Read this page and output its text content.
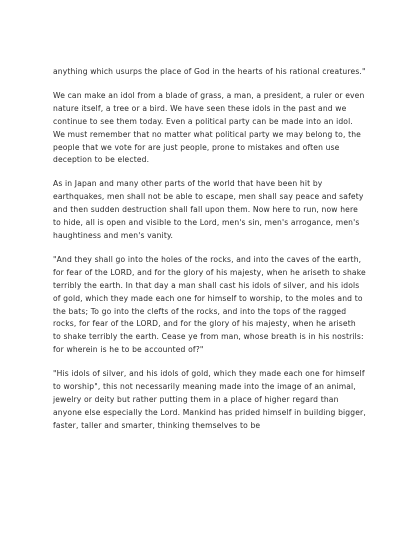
anything which usurps the place of God in the hearts of his rational creatures."

We can make an idol from a blade of grass, a man, a president, a ruler or even nature itself, a tree or a bird. We have seen these idols in the past and we continue to see them today. Even a political party can be made into an idol. We must remember that no matter what political party we may belong to, the people that we vote for are just people, prone to mistakes and often use deception to be elected.

As in Japan and many other parts of the world that have been hit by earthquakes, men shall not be able to escape, men shall say peace and safety and then sudden destruction shall fall upon them. Now here to run, now here to hide, all is open and visible to the Lord, men's sin, men's arrogance, men's haughtiness and men's vanity.

"And they shall go into the holes of the rocks, and into the caves of the earth, for fear of the LORD, and for the glory of his majesty, when he ariseth to shake terribly the earth. In that day a man shall cast his idols of silver, and his idols of gold, which they made each one for himself to worship, to the moles and to the bats; To go into the clefts of the rocks, and into the tops of the ragged rocks, for fear of the LORD, and for the glory of his majesty, when he ariseth to shake terribly the earth. Cease ye from man, whose breath is in his nostrils: for wherein is he to be accounted of?"

"His idols of silver, and his idols of gold, which they made each one for himself to worship", this not necessarily meaning made into the image of an animal, jewelry or deity but rather putting them in a place of higher regard than anyone else especially the Lord. Mankind has prided himself in building bigger, faster, taller and smarter, thinking themselves to be
